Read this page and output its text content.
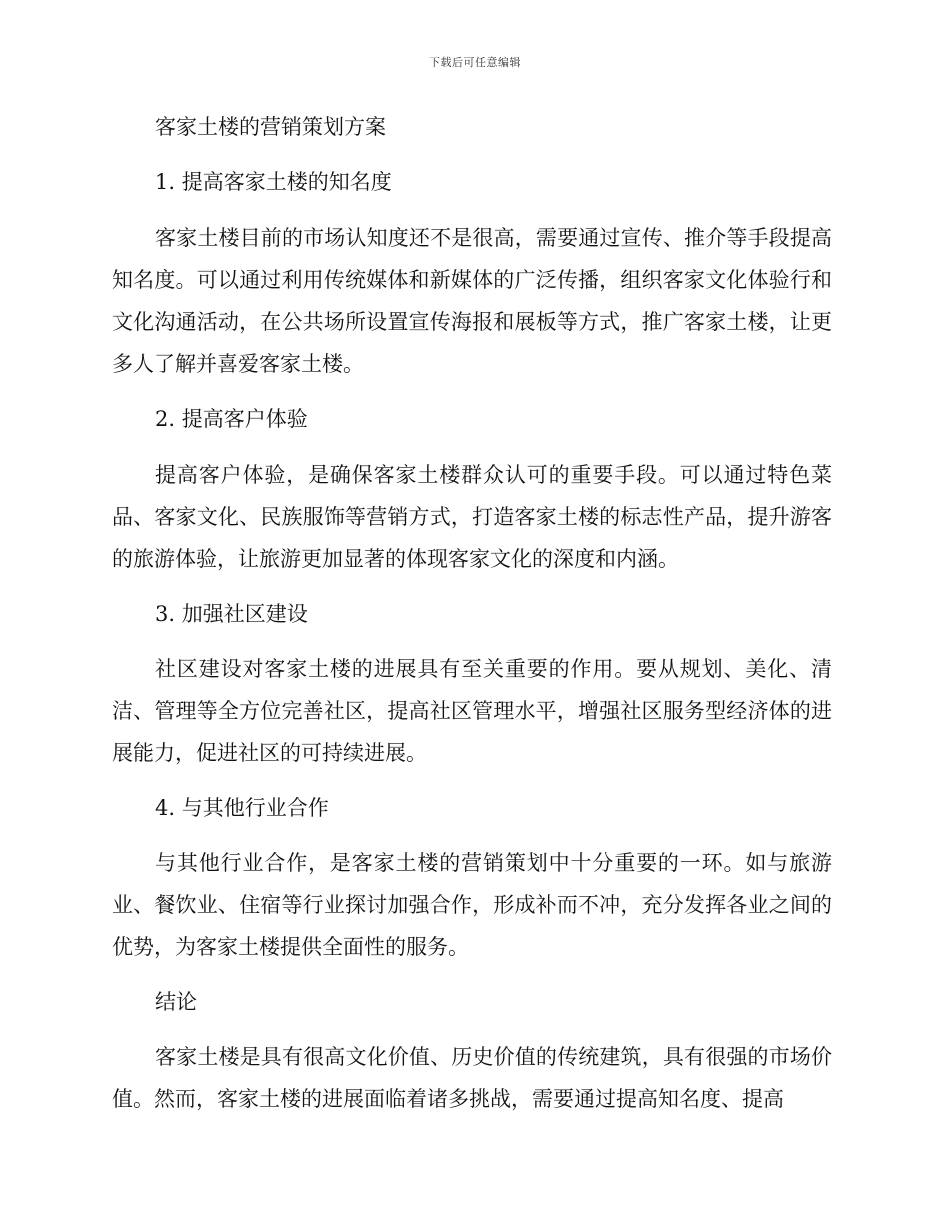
下载后可任意编辑
客家土楼的营销策划方案
1. 提高客家土楼的知名度

客家土楼目前的市场认知度还不是很高，需要通过宣传、推介等手段提高知名度。可以通过利用传统媒体和新媒体的广泛传播，组织客家文化体验行和文化沟通活动，在公共场所设置宣传海报和展板等方式，推广客家土楼，让更多人了解并喜爱客家土楼。

2. 提高客户体验

提高客户体验，是确保客家土楼群众认可的重要手段。可以通过特色菜品、客家文化、民族服饰等营销方式，打造客家土楼的标志性产品，提升游客的旅游体验，让旅游更加显著的体现客家文化的深度和内涵。

3. 加强社区建设

社区建设对客家土楼的进展具有至关重要的作用。要从规划、美化、清洁、管理等全方位完善社区，提高社区管理水平，增强社区服务型经济体的进展能力，促进社区的可持续进展。

4. 与其他行业合作

与其他行业合作，是客家土楼的营销策划中十分重要的一环。如与旅游业、餐饮业、住宿等行业探讨加强合作，形成补而不冲，充分发挥各业之间的优势，为客家土楼提供全面性的服务。

结论

客家土楼是具有很高文化价值、历史价值的传统建筑，具有很强的市场价值。然而，客家土楼的进展面临着诸多挑战，需要通过提高知名度、提高
